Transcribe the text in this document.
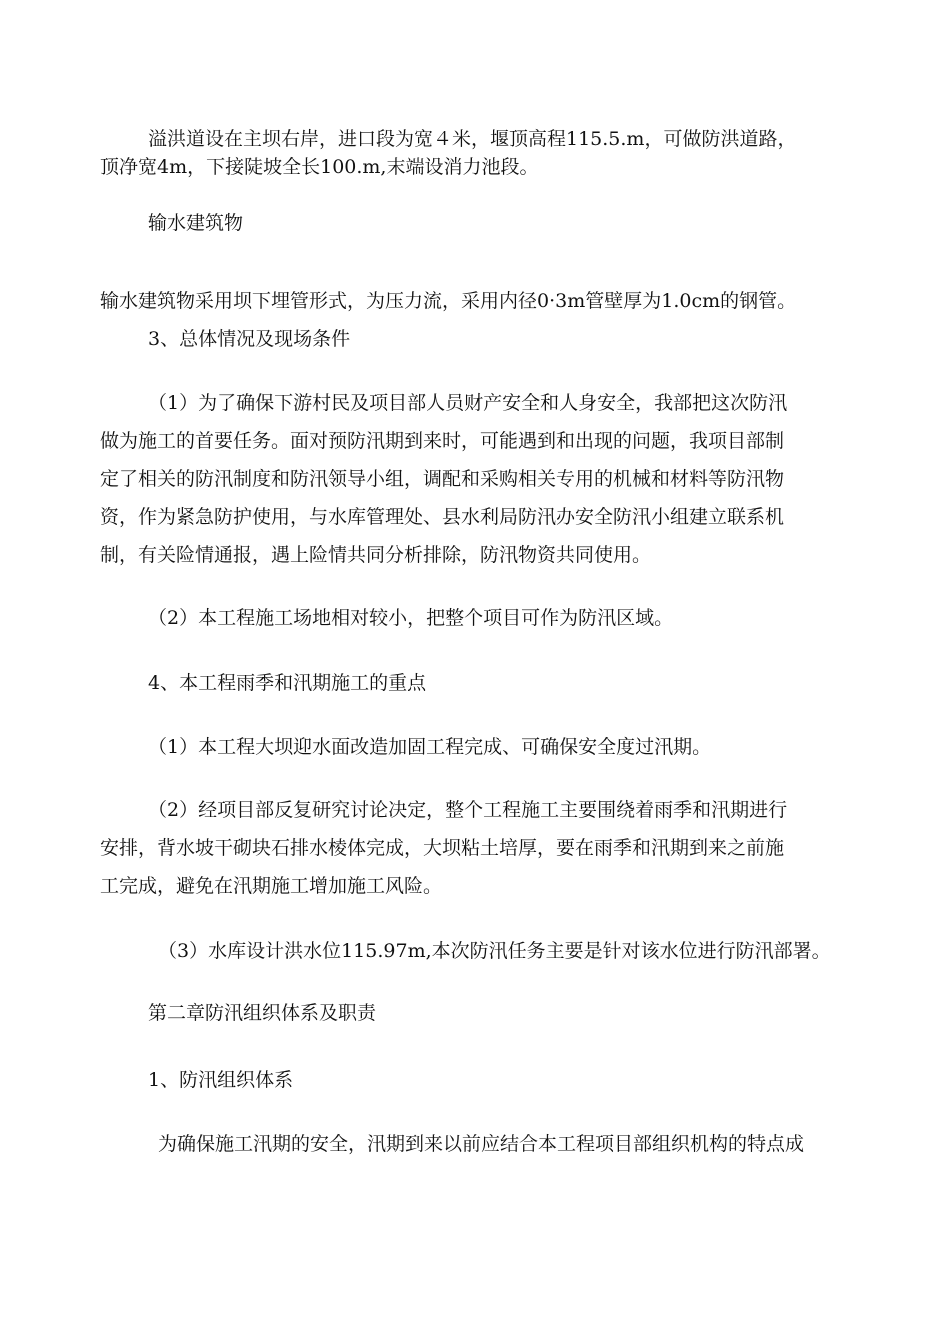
溢洪道设在主坝右岸，进口段为宽４米，堰顶高程115.5.m，可做防洪道路，
顶净宽4m，下接陡坡全长100.m,末端设消力池段。
输水建筑物
输水建筑物采用坝下埋管形式，为压力流，采用内径0·3m管壁厚为1.0cm的钢管。
3、总体情况及现场条件
（1）为了确保下游村民及项目部人员财产安全和人身安全，我部把这次防汛
做为施工的首要任务。面对预防汛期到来时，可能遇到和出现的问题，我项目部制
定了相关的防汛制度和防汛领导小组，调配和采购相关专用的机械和材料等防汛物
资，作为紧急防护使用，与水库管理处、县水利局防汛办安全防汛小组建立联系机
制，有关险情通报，遇上险情共同分析排除，防汛物资共同使用。
（2）本工程施工场地相对较小，把整个项目可作为防汛区域。
4、本工程雨季和汛期施工的重点
（1）本工程大坝迎水面改造加固工程完成、可确保安全度过汛期。
（2）经项目部反复研究讨论决定，整个工程施工主要围绕着雨季和汛期进行
安排，背水坡干砌块石排水棱体完成，大坝粘土培厚，要在雨季和汛期到来之前施
工完成，避免在汛期施工增加施工风险。
（3）水库设计洪水位115.97m,本次防汛任务主要是针对该水位进行防汛部署。
第二章防汛组织体系及职责
1、防汛组织体系
为确保施工汛期的安全，汛期到来以前应结合本工程项目部组织机构的特点成
